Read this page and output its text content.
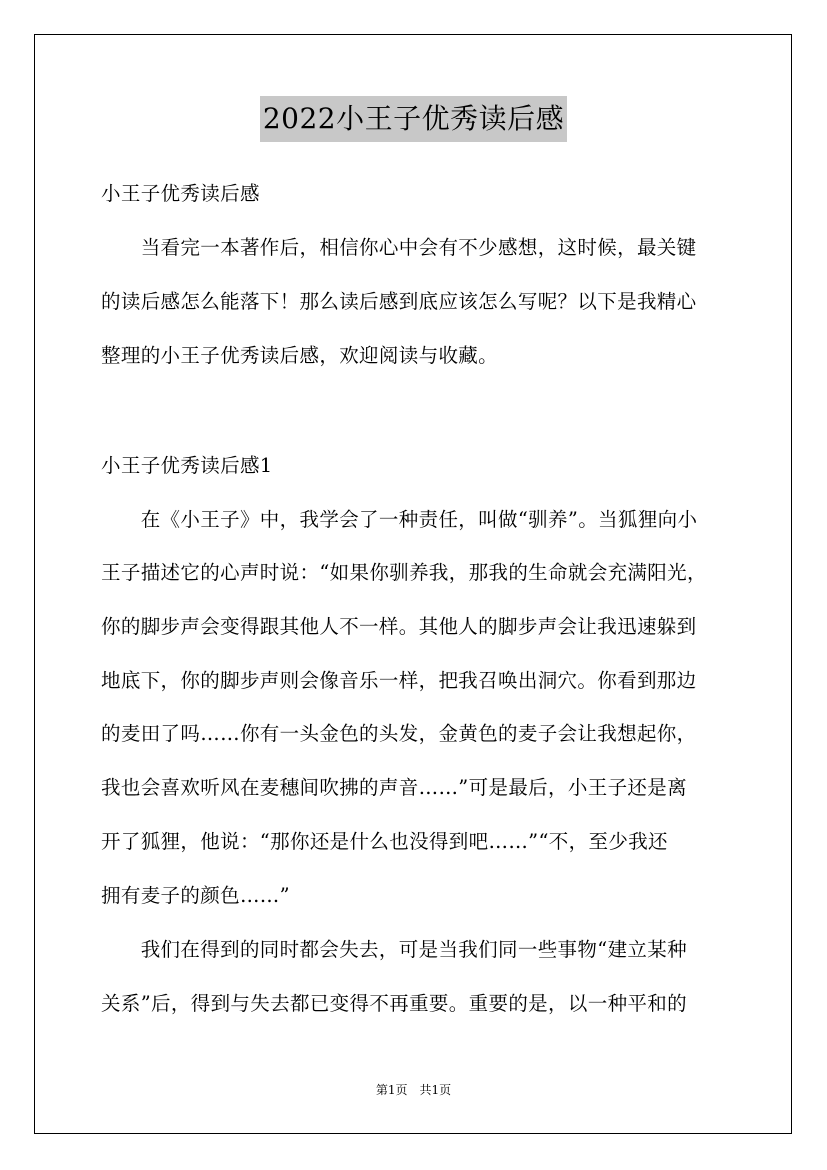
2022小王子优秀读后感
小王子优秀读后感
　　当看完一本著作后，相信你心中会有不少感想，这时候，最关键
的读后感怎么能落下！那么读后感到底应该怎么写呢？以下是我精心
整理的小王子优秀读后感，欢迎阅读与收藏。
小王子优秀读后感1
　　在《小王子》中，我学会了一种责任，叫做“驯养”。当狐狸向小
王子描述它的心声时说：“如果你驯养我，那我的生命就会充满阳光，
你的脚步声会变得跟其他人不一样。其他人的脚步声会让我迅速躲到
地底下，你的脚步声则会像音乐一样，把我召唤出洞穴。你看到那边
的麦田了吗……你有一头金色的头发，金黄色的麦子会让我想起你，
我也会喜欢听风在麦穗间吹拂的声音……”可是最后，小王子还是离
开了狐狸，他说：“那你还是什么也没得到吧……”“不，至少我还
拥有麦子的颜色……”
　　我们在得到的同时都会失去，可是当我们同一些事物“建立某种
关系”后，得到与失去都已变得不再重要。重要的是，以一种平和的
第1页 共1页
